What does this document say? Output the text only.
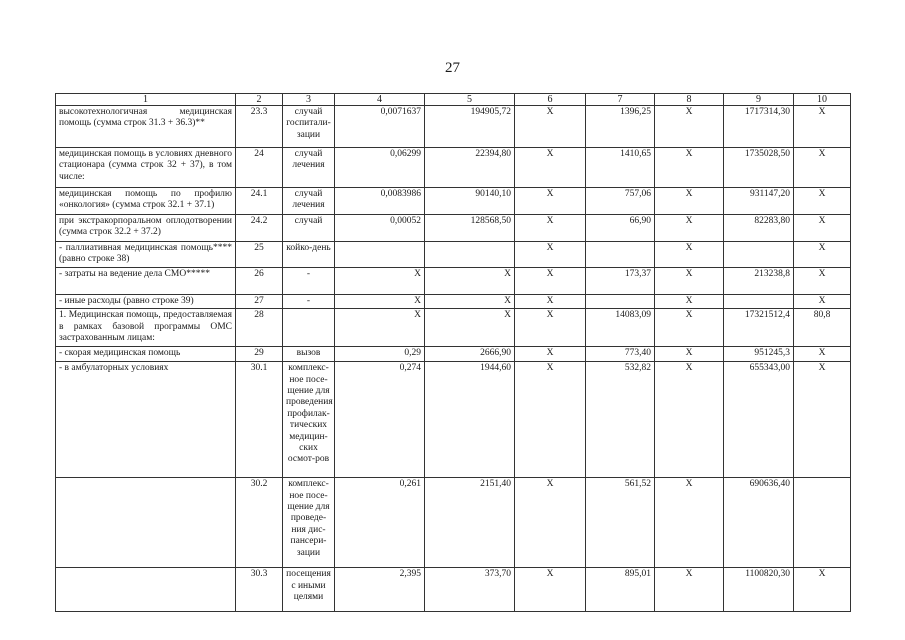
27
1	2	3	4	5	6	7	8	9	10
высокотехнологичная медицинская помощь (сумма строк 31.3 + 36.3)**	23.3	случай госпитали-зации	0,0071637	194905,72	Х	1396,25	Х	1717314,30	Х
медицинская помощь в условиях дневного стационара (сумма строк 32 + 37), в том числе:	24	случай лечения	0,06299	22394,80	Х	1410,65	Х	1735028,50	Х
медицинская помощь по профилю «онкология» (сумма строк 32.1 + 37.1)	24.1	случай лечения	0,0083986	90140,10	Х	757,06	Х	931147,20	Х
при экстракорпоральном оплодотворении (сумма строк 32.2 + 37.2)	24.2	случай	0,00052	128568,50	Х	66,90	Х	82283,80	Х
- паллиативная медицинская помощь**** (равно строке 38)	25	койко-день			Х		Х		Х
- затраты на ведение дела СМО*****	26	-	Х	Х	Х	173,37	Х	213238,8	Х
- иные расходы (равно строке 39)	27	-	Х	Х	Х		Х		Х
1. Медицинская помощь, предоставляемая в рамках базовой программы ОМС застрахованным лицам:	28		Х	Х	Х	14083,09	Х	17321512,4	80,8
- скорая медицинская помощь	29	вызов	0,29	2666,90	Х	773,40	Х	951245,3	Х
- в амбулаторных условиях	30.1	комплекс-ное посе-щение для проведения профилак-тических медицин-ских осмот-ров	0,274	1944,60	Х	532,82	Х	655343,00	Х
	30.2	комплекс-ное посе-щение для проведе-ния дис-пансери-зации	0,261	2151,40	Х	561,52	Х	690636,40	
	30.3	посещения с иными целями	2,395	373,70	Х	895,01	Х	1100820,30	Х
